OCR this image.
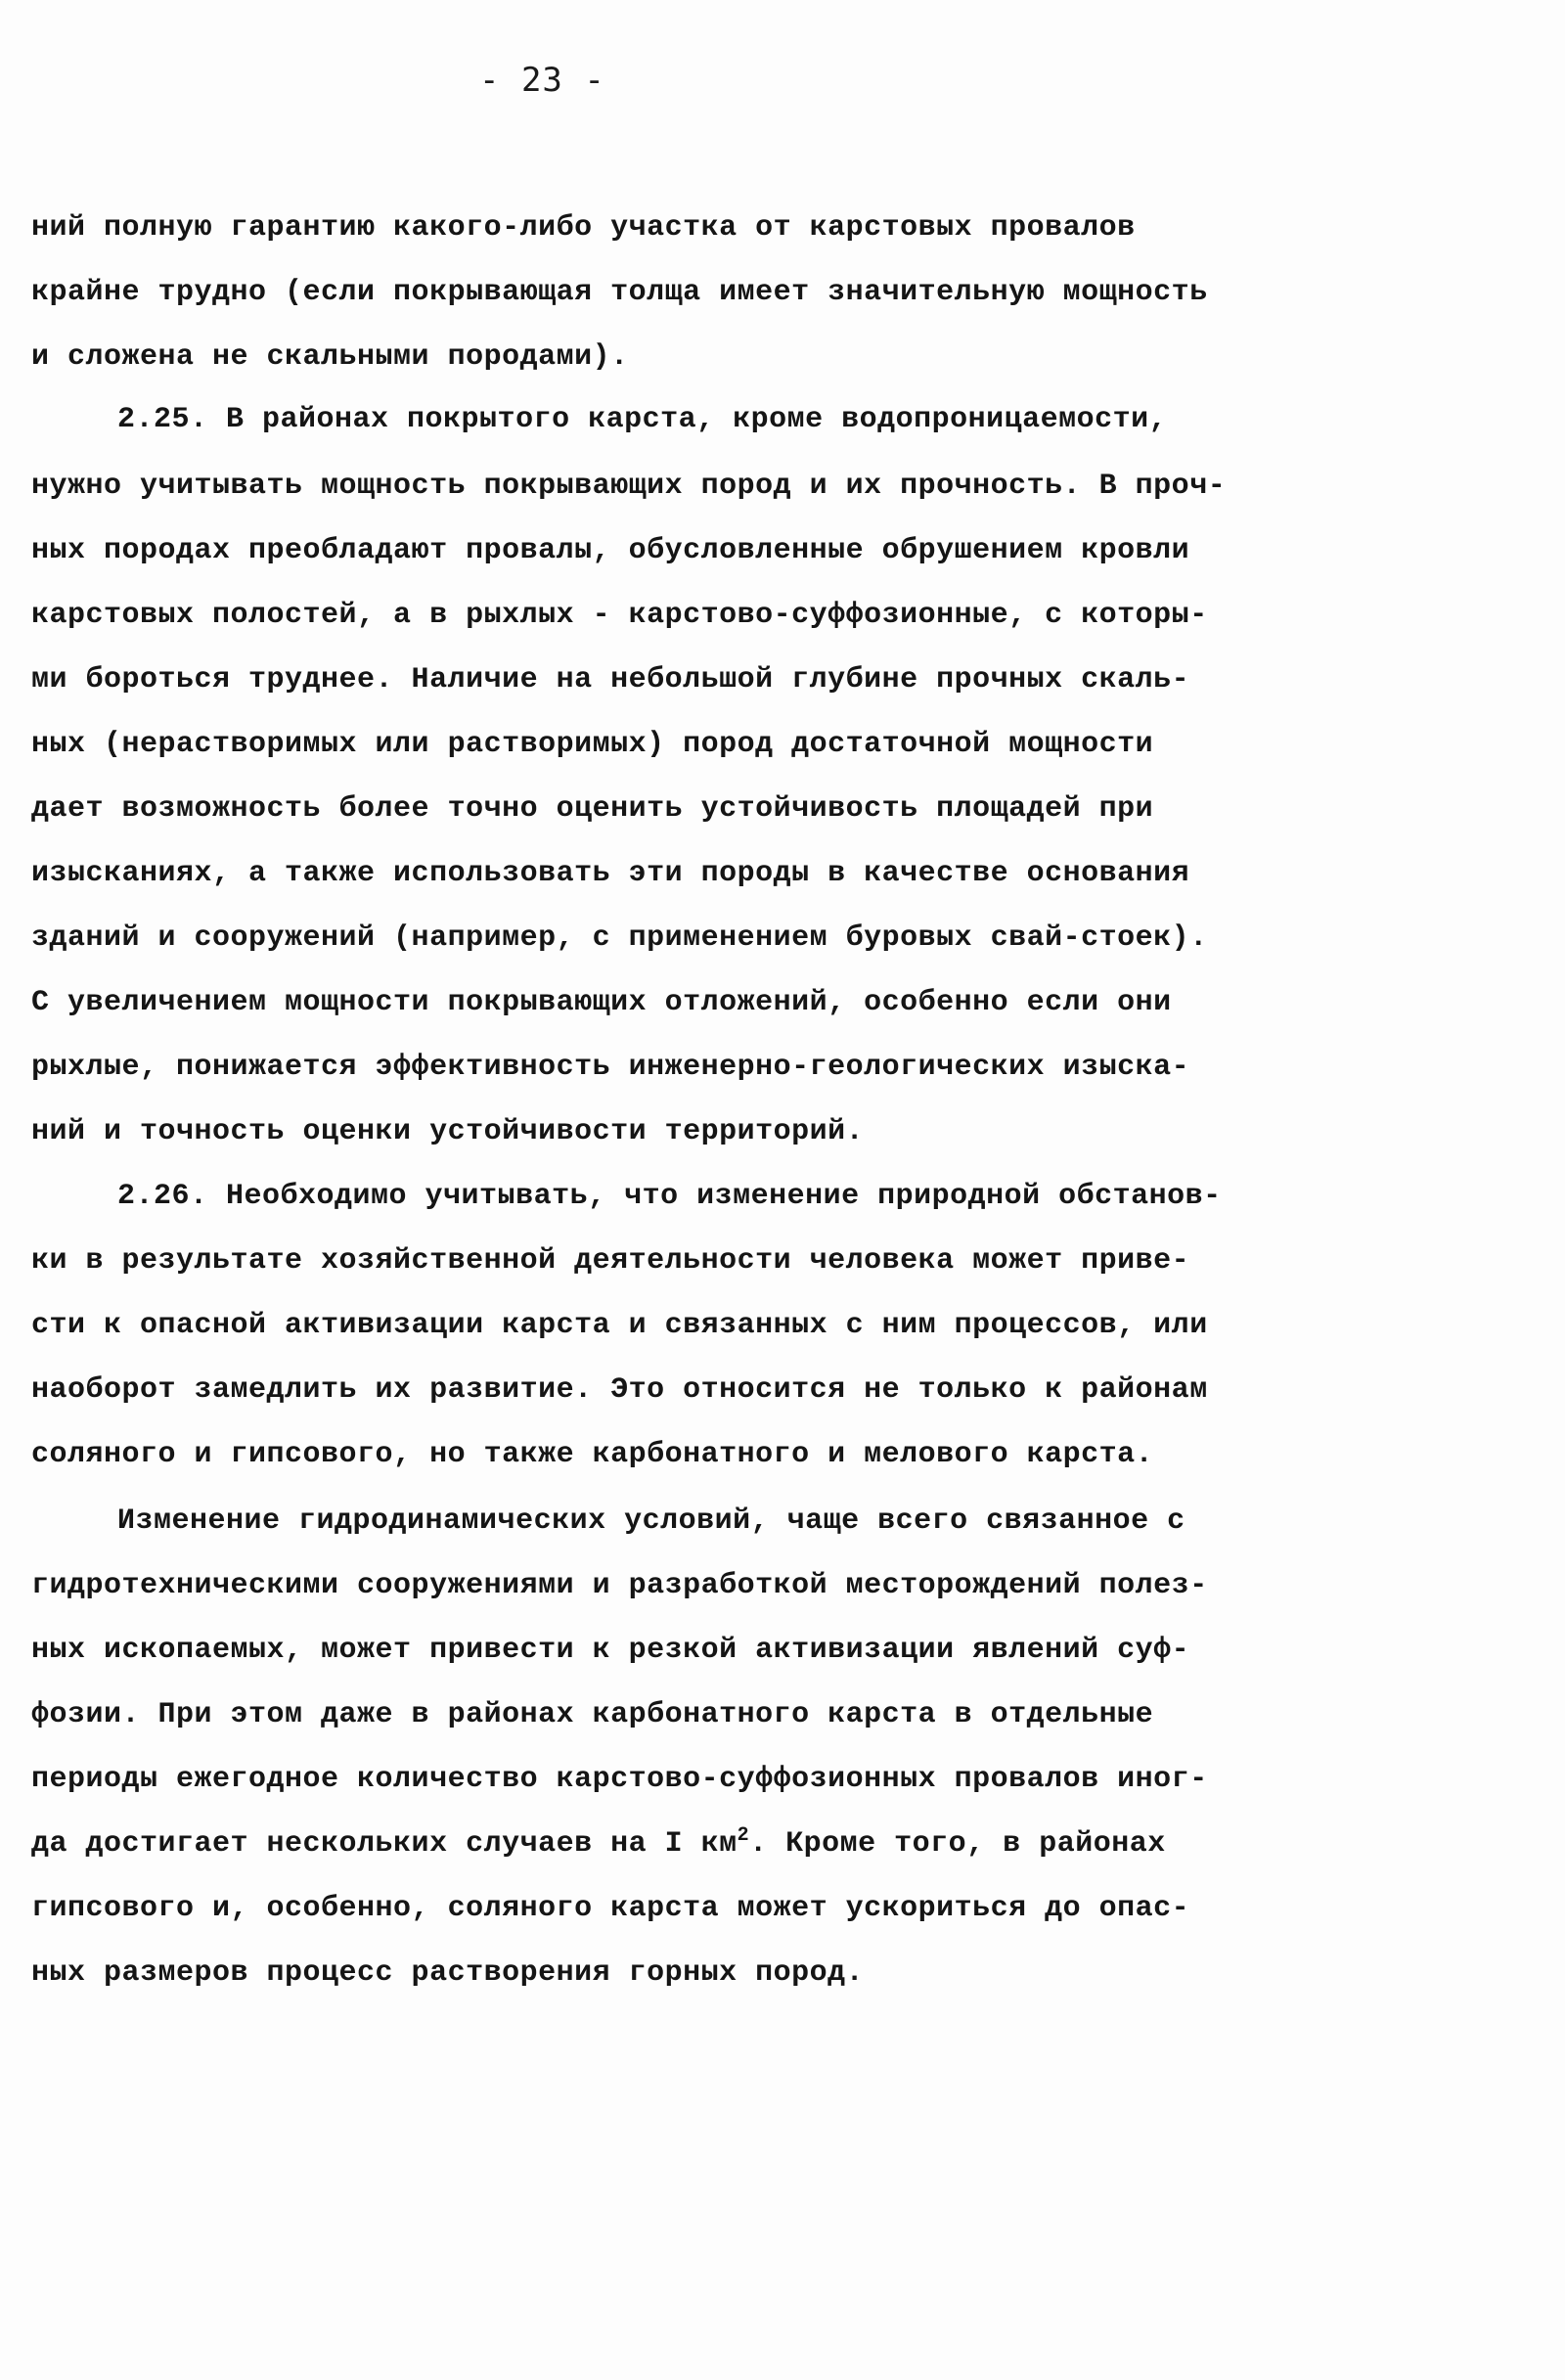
- 23 -
ний полную гарантию какого-либо участка от карстовых провалов
крайне трудно (если покрывающая толща имеет значительную мощность
и сложена не скальными породами).
2.25. В районах покрытого карста, кроме водопроницаемости,
нужно учитывать мощность покрывающих пород и их прочность. В проч-
ных породах преобладают провалы, обусловленные обрушением кровли
карстовых полостей, а в рыхлых - карстово-суффозионные, с которы-
ми бороться труднее. Наличие на небольшой глубине прочных скаль-
ных (нерастворимых или растворимых) пород достаточной мощности
дает возможность более точно оценить устойчивость площадей при
изысканиях, а также использовать эти породы в качестве основания
зданий и сооружений (например, с применением буровых свай-стоек).
С увеличением мощности покрывающих отложений, особенно если они
рыхлые, понижается эффективность инженерно-геологических изыска-
ний и точность оценки устойчивости территорий.
2.26. Необходимо учитывать, что изменение природной обстанов-
ки в результате хозяйственной деятельности человека может приве-
сти к опасной активизации карста и связанных с ним процессов, или
наоборот замедлить их развитие. Это относится не только к районам
соляного и гипсового, но также карбонатного и мелового карста.
Изменение гидродинамических условий, чаще всего связанное с
гидротехническими сооружениями и разработкой месторождений полез-
ных ископаемых, может привести к резкой активизации явлений суф-
фозии. При этом даже в районах карбонатного карста в отдельные
периоды ежегодное количество карстово-суффозионных провалов иног-
да достигает нескольких случаев на I $км^2$. Кроме того, в районах
гипсового и, особенно, соляного карста может ускориться до опас-
ных размеров процесс растворения горных пород.
